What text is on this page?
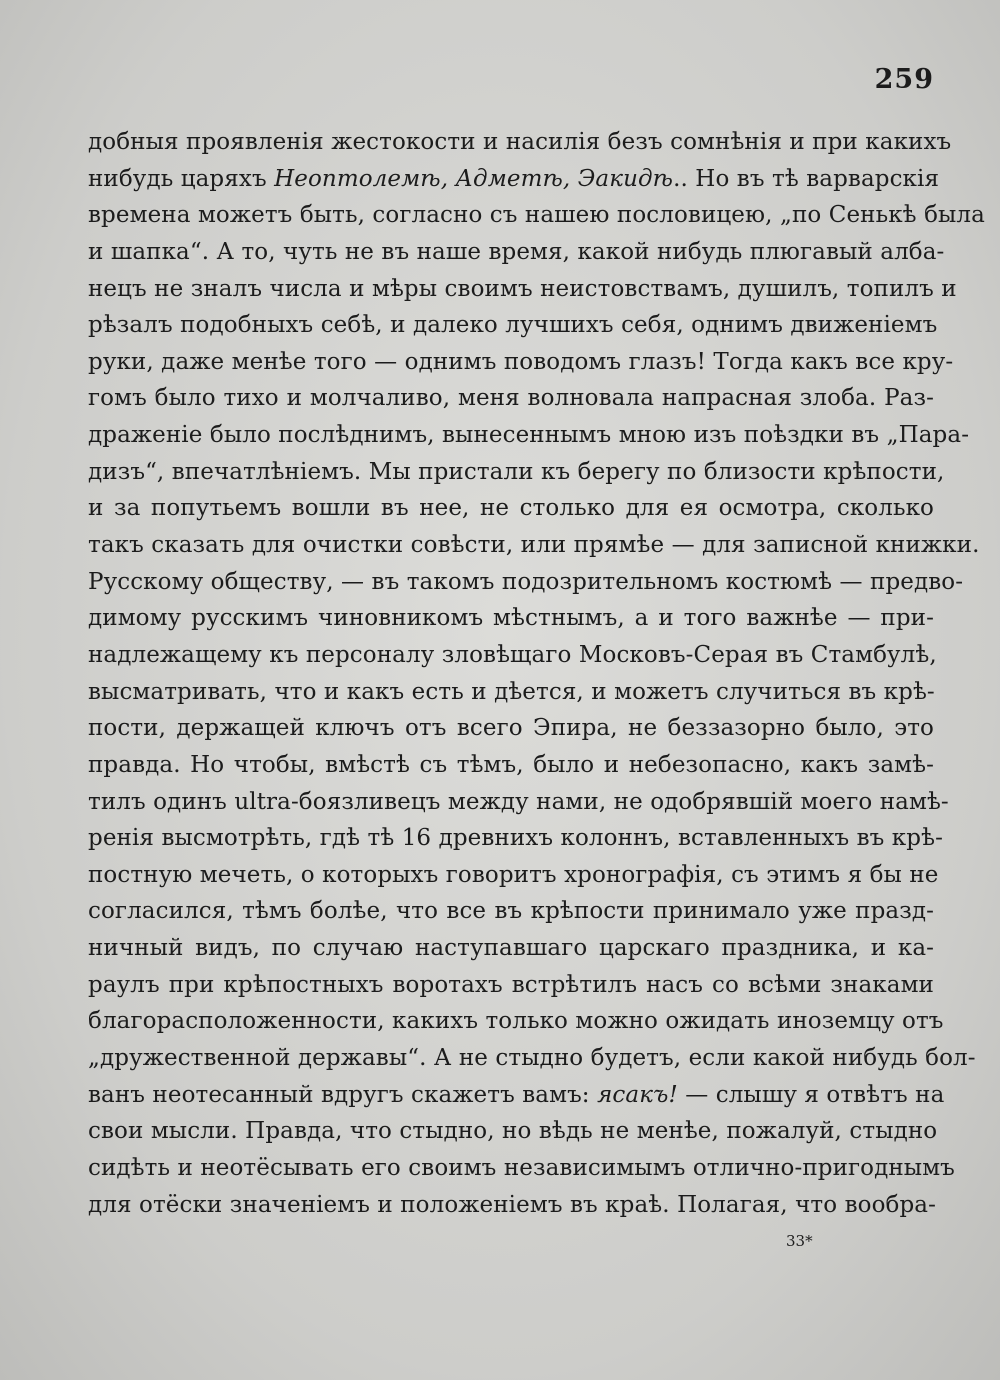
259
добныя проявленія жестокости и насилія безъ сомнѣнія и при какихъ
нибудь царяхъ Неоптолемѣ, Адметѣ, Эакидѣ.. Но въ тѣ варварскія
времена можетъ быть, согласно съ нашею пословицею, „по Сенькѣ была
и шапка“. А то, чуть не въ наше время, какой нибудь плюгавый алба-
нецъ не зналъ числа и мѣры своимъ неистовствамъ, душилъ, топилъ и
рѣзалъ подобныхъ себѣ, и далеко лучшихъ себя, однимъ движеніемъ
руки, даже менѣе того — однимъ поводомъ глазъ! Тогда какъ все кру-
гомъ было тихо и молчаливо, меня волновала напрасная злоба. Раз-
драженіе было послѣднимъ, вынесеннымъ мною изъ поѣздки въ „Пара-
дизъ“, впечатлѣніемъ. Мы пристали къ берегу по близости крѣпости,
и за попутьемъ вошли въ нее, не столько для ея осмотра, сколько
такъ сказать для очистки совѣсти, или прямѣе — для записной книжки.
Русскому обществу, — въ такомъ подозрительномъ костюмѣ — предво-
димому русскимъ чиновникомъ мѣстнымъ, а и того важнѣе — при-
надлежащему къ персоналу зловѣщаго Московъ-Серая въ Стамбулѣ,
высматривать, что и какъ есть и дѣется, и можетъ случиться въ крѣ-
пости, держащей ключъ отъ всего Эпира, не беззазорно было, это
правда. Но чтобы, вмѣстѣ съ тѣмъ, было и небезопасно, какъ замѣ-
тилъ одинъ ultra-боязливецъ между нами, не одобрявшій моего намѣ-
ренія высмотрѣть, гдѣ тѣ 16 древнихъ колоннъ, вставленныхъ въ крѣ-
постную мечеть, о которыхъ говоритъ хронографія, съ этимъ я бы не
согласился, тѣмъ болѣе, что все въ крѣпости принимало уже празд-
ничный видъ, по случаю наступавшаго царскаго праздника, и ка-
раулъ при крѣпостныхъ воротахъ встрѣтилъ насъ со всѣми знаками
благорасположенности, какихъ только можно ожидать иноземцу отъ
„дружественной державы“. А не стыдно будетъ, если какой нибудь бол-
ванъ неотесанный вдругъ скажетъ вамъ: ясакъ! — слышу я отвѣтъ на
свои мысли. Правда, что стыдно, но вѣдь не менѣе, пожалуй, стыдно
сидѣть и неотёсывать его своимъ независимымъ отлично-пригоднымъ
для отёски значеніемъ и положеніемъ въ краѣ. Полагая, что вообра-
33*
